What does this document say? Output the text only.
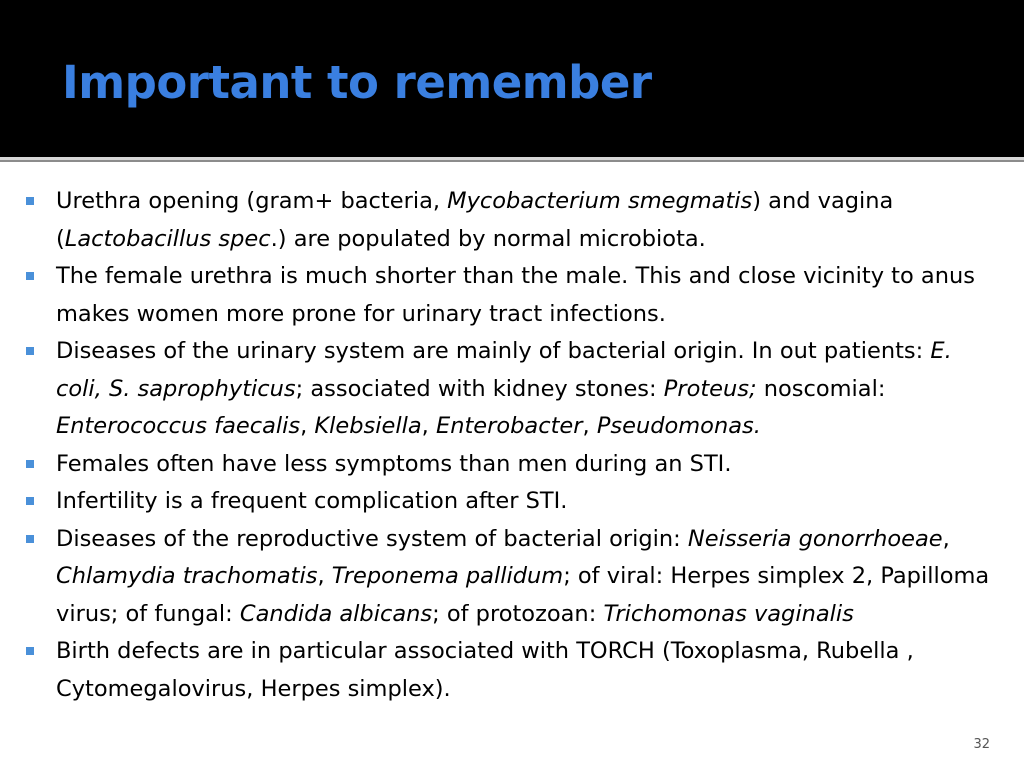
Important to remember
Urethra opening (gram+ bacteria, Mycobacterium smegmatis) and vagina (Lactobacillus spec.) are populated by normal microbiota.
The female urethra is much shorter than the male. This and close vicinity to anus makes women more prone for urinary tract infections.
Diseases of the urinary system are mainly of bacterial origin. In out patients: E. coli, S. saprophyticus; associated with kidney stones: Proteus; noscomial: Enterococcus faecalis, Klebsiella, Enterobacter, Pseudomonas.
Females often have less symptoms than men during an STI.
Infertility is a frequent complication after STI.
Diseases of the reproductive system of bacterial origin: Neisseria gonorrhoeae, Chlamydia trachomatis, Treponema pallidum; of viral: Herpes simplex 2, Papilloma virus; of fungal: Candida albicans; of protozoan: Trichomonas vaginalis
Birth defects are in particular associated with TORCH (Toxoplasma, Rubella , Cytomegalovirus, Herpes simplex).
32
